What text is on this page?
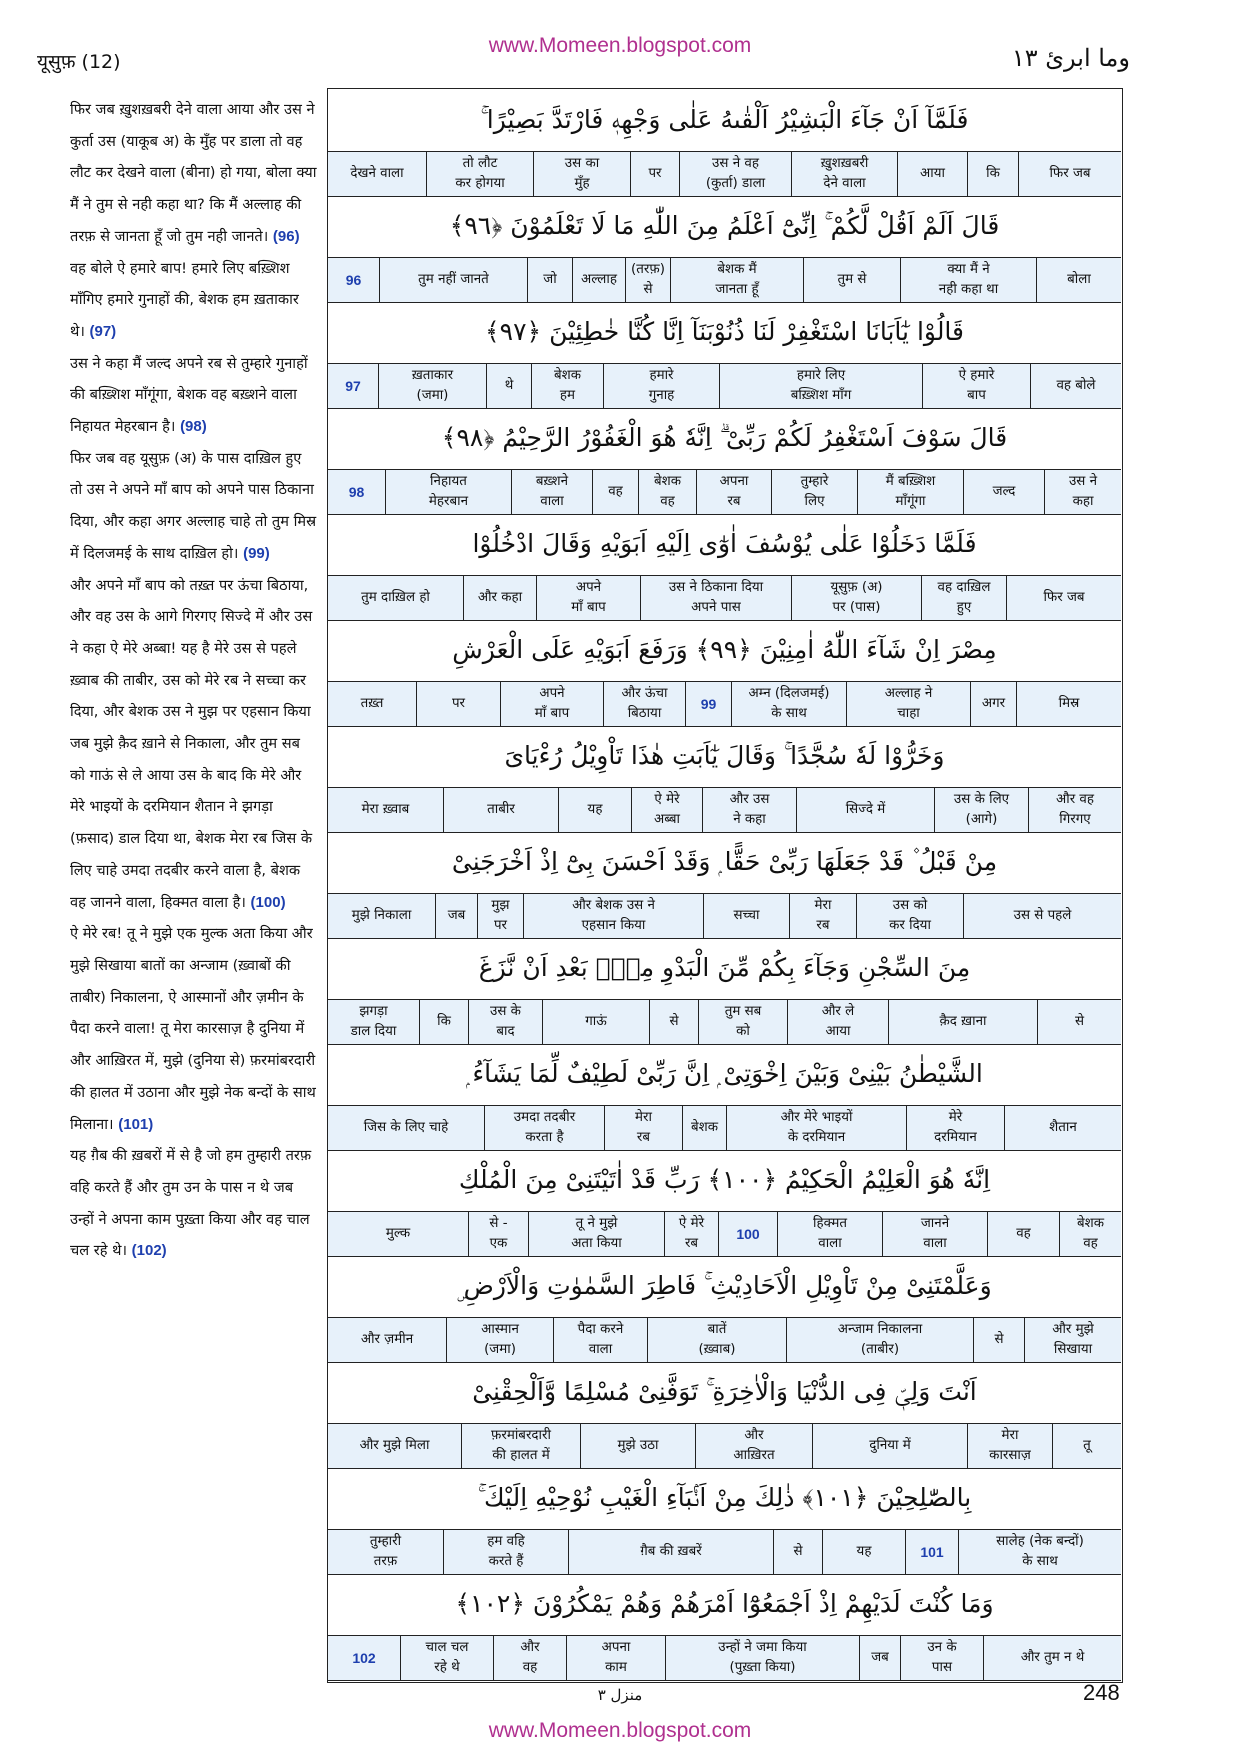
www.Momeen.blogspot.com
यूसुफ़ (12)	وما ابرئ ١٣

फिर जब ख़ुशख़बरी देने वाला आया और उस ने कुर्ता उस (याकूब अ) के मुँह पर डाला तो वह लौट कर देखने वाला (बीना) हो गया, बोला क्या मैं ने तुम से नही कहा था? कि मैं अल्लाह की तरफ़ से जानता हूँ जो तुम नही जानते। (96)

वह बोले ऐ हमारे बाप! हमारे लिए बख़्शिश माँगिए हमारे गुनाहों की, बेशक हम ख़ताकार थे। (97)

उस ने कहा मैं जल्द अपने रब से तुम्हारे गुनाहों की बख़्शिश माँगूंगा, बेशक वह बख़्शने वाला निहायत मेहरबान है। (98)

फिर जब वह यूसुफ़ (अ) के पास दाख़िल हुए तो उस ने अपने माँ बाप को अपने पास ठिकाना दिया, और कहा अगर अल्लाह चाहे तो तुम मिस्र में दिलजमई के साथ दाख़िल हो। (99)

और अपने माँ बाप को तख़्त पर ऊंचा बिठाया, और वह उस के आगे गिरगए सिज्दे में और उस ने कहा ऐ मेरे अब्बा! यह है मेरे उस से पहले ख़्वाब की ताबीर, उस को मेरे रब ने सच्चा कर दिया, और बेशक उस ने मुझ पर एहसान किया जब मुझे क़ैद ख़ाने से निकाला, और तुम सब को गाऊं से ले आया उस के बाद कि मेरे और मेरे भाइयों के दरमियान शैतान ने झगड़ा (फ़साद) डाल दिया था, बेशक मेरा रब जिस के लिए चाहे उमदा तदबीर करने वाला है, बेशक वह जानने वाला, हिक्मत वाला है। (100)

ऐ मेरे रब! तू ने मुझे एक मुल्क अता किया और मुझे सिखाया बातों का अन्जाम (ख़्वाबों की ताबीर) निकालना, ऐ आस्मानों और ज़मीन के पैदा करने वाला! तू मेरा कारसाज़ है दुनिया में और आख़िरत में, मुझे (दुनिया से) फ़रमांबरदारी की हालत में उठाना और मुझे नेक बन्दों के साथ मिलाना। (101)

यह ग़ैब की ख़बरों में से है जो हम तुम्हारी तरफ़ वहि करते हैं और तुम उन के पास न थे जब उन्हों ने अपना काम पुख़्ता किया और वह चाल चल रहे थे। (102)

فَلَمَّآ اَنْ جَآءَ الْبَشِيْرُ اَلْقٰىهُ عَلٰى وَجْهِهٖ فَارْتَدَّ بَصِيْرًا ۚ
फिर जब
कि
आया
ख़ुशख़बरी
देने वाला
उस ने वह
(कुर्ता) डाला
पर
उस का
मुँह
तो लौट
कर होगया
देखने वाला
قَالَ اَلَمْ اَقُلْ لَّكُمْ ۚ اِنِّىْٓ اَعْلَمُ مِنَ اللّٰهِ مَا لَا تَعْلَمُوْنَ ﴿٩٦﴾
बोला
क्या मैं ने
नही कहा था
तुम से
बेशक मैं
जानता हूँ
(तरफ़)
से
अल्लाह
जो
तुम नहीं जानते
96
قَالُوْا يٰٓاَبَانَا اسْتَغْفِرْ لَنَا ذُنُوْبَنَآ اِنَّا كُنَّا خٰطِئِيْنَ ﴿٩٧﴾
वह बोले
ऐ हमारे
बाप
हमारे लिए
बख़्शिश माँग
हमारे
गुनाह
बेशक
हम
थे
ख़ताकार
(जमा)
97
قَالَ سَوْفَ اَسْتَغْفِرُ لَكُمْ رَبِّىْ ۗ اِنَّهٗ هُوَ الْغَفُوْرُ الرَّحِيْمُ ﴿٩٨﴾
उस ने
कहा
जल्द
मैं बख़्शिश
माँगूंगा
तुम्हारे
लिए
अपना
रब
बेशक
वह
वह
बख़्शने
वाला
निहायत
मेहरबान
98
فَلَمَّا دَخَلُوْا عَلٰى يُوْسُفَ اٰوٰٓى اِلَيْهِ اَبَوَيْهِ وَقَالَ ادْخُلُوْا
फिर जब
वह दाख़िल
हुए
यूसुफ़ (अ)
पर (पास)
उस ने ठिकाना दिया
अपने पास
अपने
माँ बाप
और कहा
तुम दाख़िल हो
مِصْرَ اِنْ شَآءَ اللّٰهُ اٰمِنِيْنَ ﴿٩٩﴾ وَرَفَعَ اَبَوَيْهِ عَلَى الْعَرْشِ
मिस्र
अगर
अल्लाह ने
चाहा
अम्न (दिलजमई)
के साथ
99
और ऊंचा
बिठाया
अपने
माँ बाप
पर
तख़्त
وَخَرُّوْا لَهٗ سُجَّدًا ۚ وَقَالَ يٰٓاَبَتِ هٰذَا تَاْوِيْلُ رُءْيَاىَ
और वह
गिरगए
उस के लिए
(आगे)
सिज्दे में
और उस
ने कहा
ऐ मेरे
अब्बा
यह
ताबीर
मेरा ख़्वाब
مِنْ قَبْلُ ۫ قَدْ جَعَلَهَا رَبِّىْ حَقًّا ۭ وَقَدْ اَحْسَنَ بِىْٓ اِذْ اَخْرَجَنِىْ
उस से पहले
उस को
कर दिया
मेरा
रब
सच्चा
और बेशक उस ने
एहसान किया
मुझ
पर
जब
मुझे निकाला
مِنَ السِّجْنِ وَجَآءَ بِكُمْ مِّنَ الْبَدْوِ مِنْۢ بَعْدِ اَنْ نَّزَغَ
से
क़ैद ख़ाना
और ले
आया
तुम सब
को
से
गाऊं
उस के
बाद
कि
झगड़ा
डाल दिया
الشَّيْطٰنُ بَيْنِىْ وَبَيْنَ اِخْوَتِىْ ۭ اِنَّ رَبِّىْ لَطِيْفٌ لِّمَا يَشَآءُ ۭ
शैतान
मेरे
दरमियान
और मेरे भाइयों
के दरमियान
बेशक
मेरा
रब
उमदा तदबीर
करता है
जिस के लिए चाहे
اِنَّهٗ هُوَ الْعَلِيْمُ الْحَكِيْمُ ﴿١٠٠﴾ رَبِّ قَدْ اٰتَيْتَنِىْ مِنَ الْمُلْكِ
बेशक
वह
वह
जानने
वाला
हिक्मत
वाला
100
ऐ मेरे
रब
तू ने मुझे
अता किया
से -
एक
मुल्क
وَعَلَّمْتَنِىْ مِنْ تَاْوِيْلِ الْاَحَادِيْثِ ۚ فَاطِرَ السَّمٰوٰتِ وَالْاَرْضِ ۣ
और मुझे
सिखाया
से
अन्जाम निकालना
(ताबीर)
बातें
(ख़्वाब)
पैदा करने
वाला
आस्मान
(जमा)
और ज़मीन
اَنْتَ وَلِىّٖ فِى الدُّنْيَا وَالْاٰخِرَةِ ۚ تَوَفَّنِىْ مُسْلِمًا وَّاَلْحِقْنِىْ
तू
मेरा
कारसाज़
दुनिया में
और
आख़िरत
मुझे उठा
फ़रमांबरदारी
की हालत में
और मुझे मिला
بِالصّٰلِحِيْنَ ﴿١٠١﴾ ذٰلِكَ مِنْ اَنْۢبَآءِ الْغَيْبِ نُوْحِيْهِ اِلَيْكَ ۚ
सालेह (नेक बन्दों)
के साथ
101
यह
से
ग़ैब की ख़बरें
हम वहि
करते हैं
तुम्हारी
तरफ़
وَمَا كُنْتَ لَدَيْهِمْ اِذْ اَجْمَعُوْٓا اَمْرَهُمْ وَهُمْ يَمْكُرُوْنَ ﴿١٠٢﴾
और तुम न थे
उन के
पास
जब
उन्हों ने जमा किया
(पुख़्ता किया)
अपना
काम
और
वह
चाल चल
रहे थे
102
منزل ٣	248
www.Momeen.blogspot.com
